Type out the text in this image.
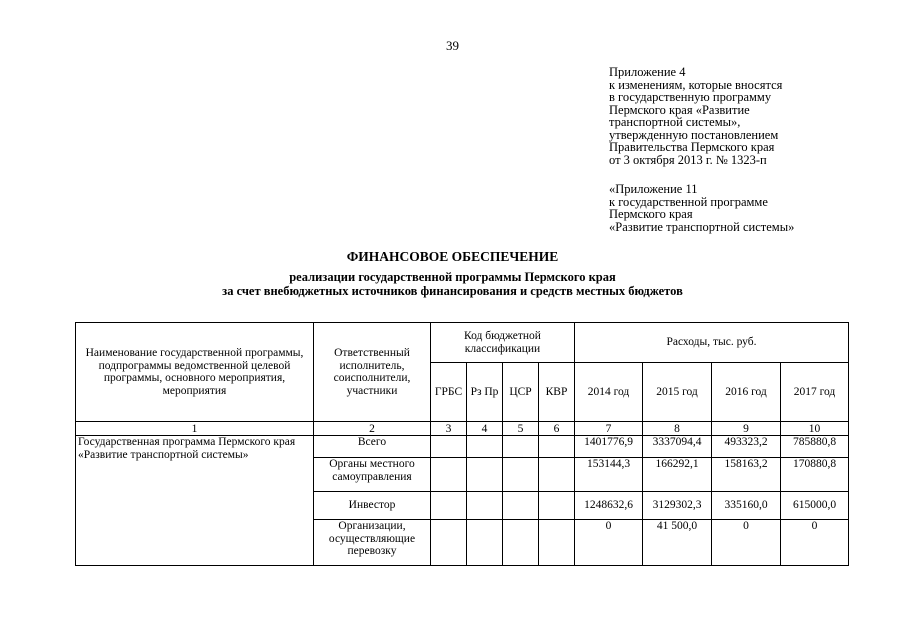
39
Приложение 4
к изменениям, которые вносятся
в государственную программу
Пермского края «Развитие
транспортной системы»,
утвержденную постановлением
Правительства Пермского края
от 3 октября 2013 г. № 1323-п
«Приложение 11
к государственной программе
Пермского края
«Развитие транспортной системы»
ФИНАНСОВОЕ ОБЕСПЕЧЕНИЕ
реализации государственной программы Пермского края
за счет внебюджетных источников финансирования и средств местных бюджетов
Наименование государственной программы, подпрограммы ведомственной целевой программы, основного мероприятия, мероприятия	Ответственный исполнитель, соисполнители, участники	Код бюджетной классификации				Расходы, тыс. руб.			
		ГРБС	Рз Пр	ЦСР	КВР	2014 год	2015 год	2016 год	2017 год
1	2	3	4	5	6	7	8	9	10
Государственная программа Пермского края «Развитие транспортной системы»	Всего					1401776,9	3337094,4	493323,2	785880,8
	Органы местного самоуправления					153144,3	166292,1	158163,2	170880,8
	Инвестор					1248632,6	3129302,3	335160,0	615000,0
	Организации, осуществляющие перевозку					0	41 500,0	0	0
